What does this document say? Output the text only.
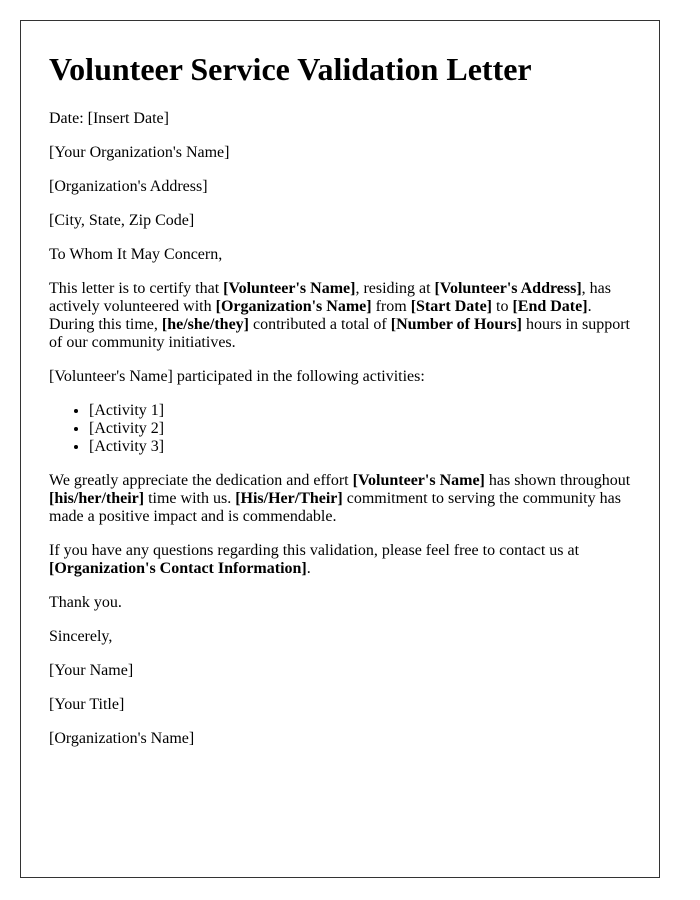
Volunteer Service Validation Letter

Date: [Insert Date]

[Your Organization's Name]

[Organization's Address]

[City, State, Zip Code]

To Whom It May Concern,

This letter is to certify that [Volunteer's Name], residing at [Volunteer's Address], has actively volunteered with [Organization's Name] from [Start Date] to [End Date]. During this time, [he/she/they] contributed a total of [Number of Hours] hours in support of our community initiatives.

[Volunteer's Name] participated in the following activities:

• [Activity 1]
• [Activity 2]
• [Activity 3]

We greatly appreciate the dedication and effort [Volunteer's Name] has shown throughout [his/her/their] time with us. [His/Her/Their] commitment to serving the community has made a positive impact and is commendable.

If you have any questions regarding this validation, please feel free to contact us at [Organization's Contact Information].

Thank you.

Sincerely,

[Your Name]

[Your Title]

[Organization's Name]
